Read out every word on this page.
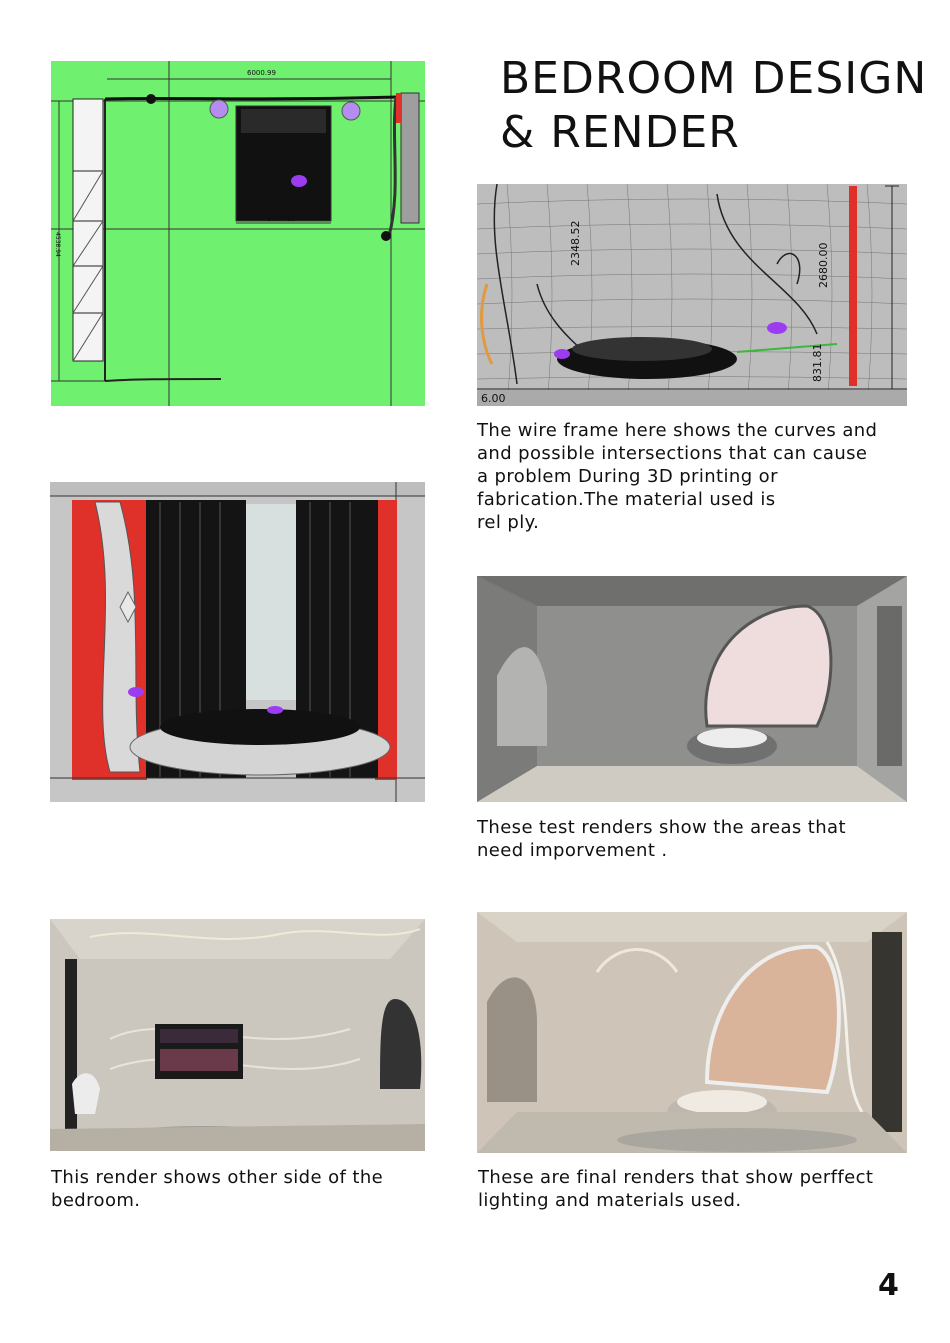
BEDROOM DESIGN
& RENDER
6000.99
1804.23
4538.94	2348.52	2680.00
831.81
6.00
The wire frame here shows the curves and
and possible intersections that can cause
a problem During 3D printing or
fabrication.The material used is
rel ply.
These test renders show the areas that
need imporvement .
This render shows other side of the
bedroom.
These are final renders that show perffect
lighting and materials used.
4
